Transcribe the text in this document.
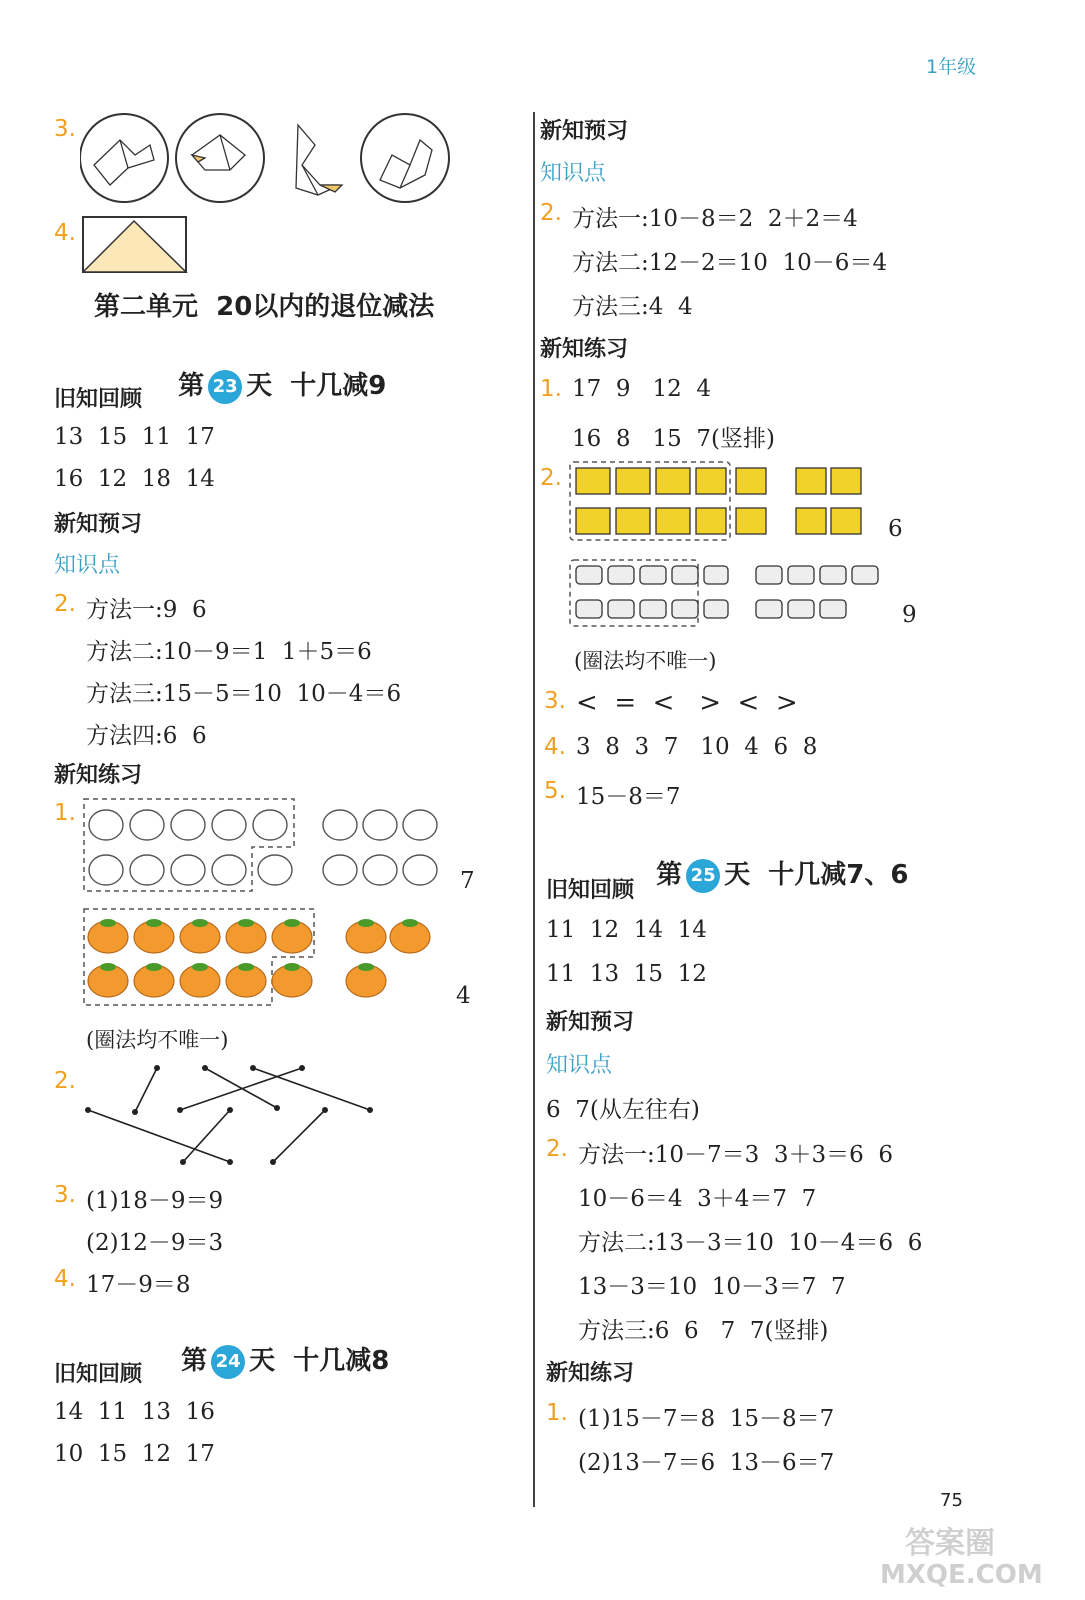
1年级
3.
4.
第二单元  20以内的退位减法

第 23 天  十几减9

旧知回顾
13  15  11  17
16  12  18  14
新知预习
知识点
2. 方法一:9  6
方法二:10－9＝1  1＋5＝6
方法三:15－5＝10  10－4＝6
方法四:6  6
新知练习
1.
7
4
(圈法均不唯一)
2.
3. (1)18－9＝9
(2)12－9＝3
4. 17－9＝8

第 24 天  十几减8

旧知回顾
14  11  13  16
10  15  12  17
新知预习
知识点
2. 方法一:10－8＝2  2＋2＝4
方法二:12－2＝10  10－6＝4
方法三:4  4
新知练习
1. 17  9   12  4
16  8   15  7(竖排)
2.
6
9
(圈法均不唯一)
3. <  =  <   >  <  >
4. 3  8  3  7   10  4  6  8
5. 15－8＝7

第 25 天  十几减7、6

旧知回顾
11  12  14  14
11  13  15  12
新知预习
知识点
6  7(从左往右)
2. 方法一:10－7＝3  3＋3＝6  6
10－6＝4  3＋4＝7  7
方法二:13－3＝10  10－4＝6  6
13－3＝10  10－3＝7  7
方法三:6  6   7  7(竖排)
新知练习
1. (1)15－7＝8  15－8＝7
(2)13－7＝6  13－6＝7
75
答案圈
MXQE.COM
